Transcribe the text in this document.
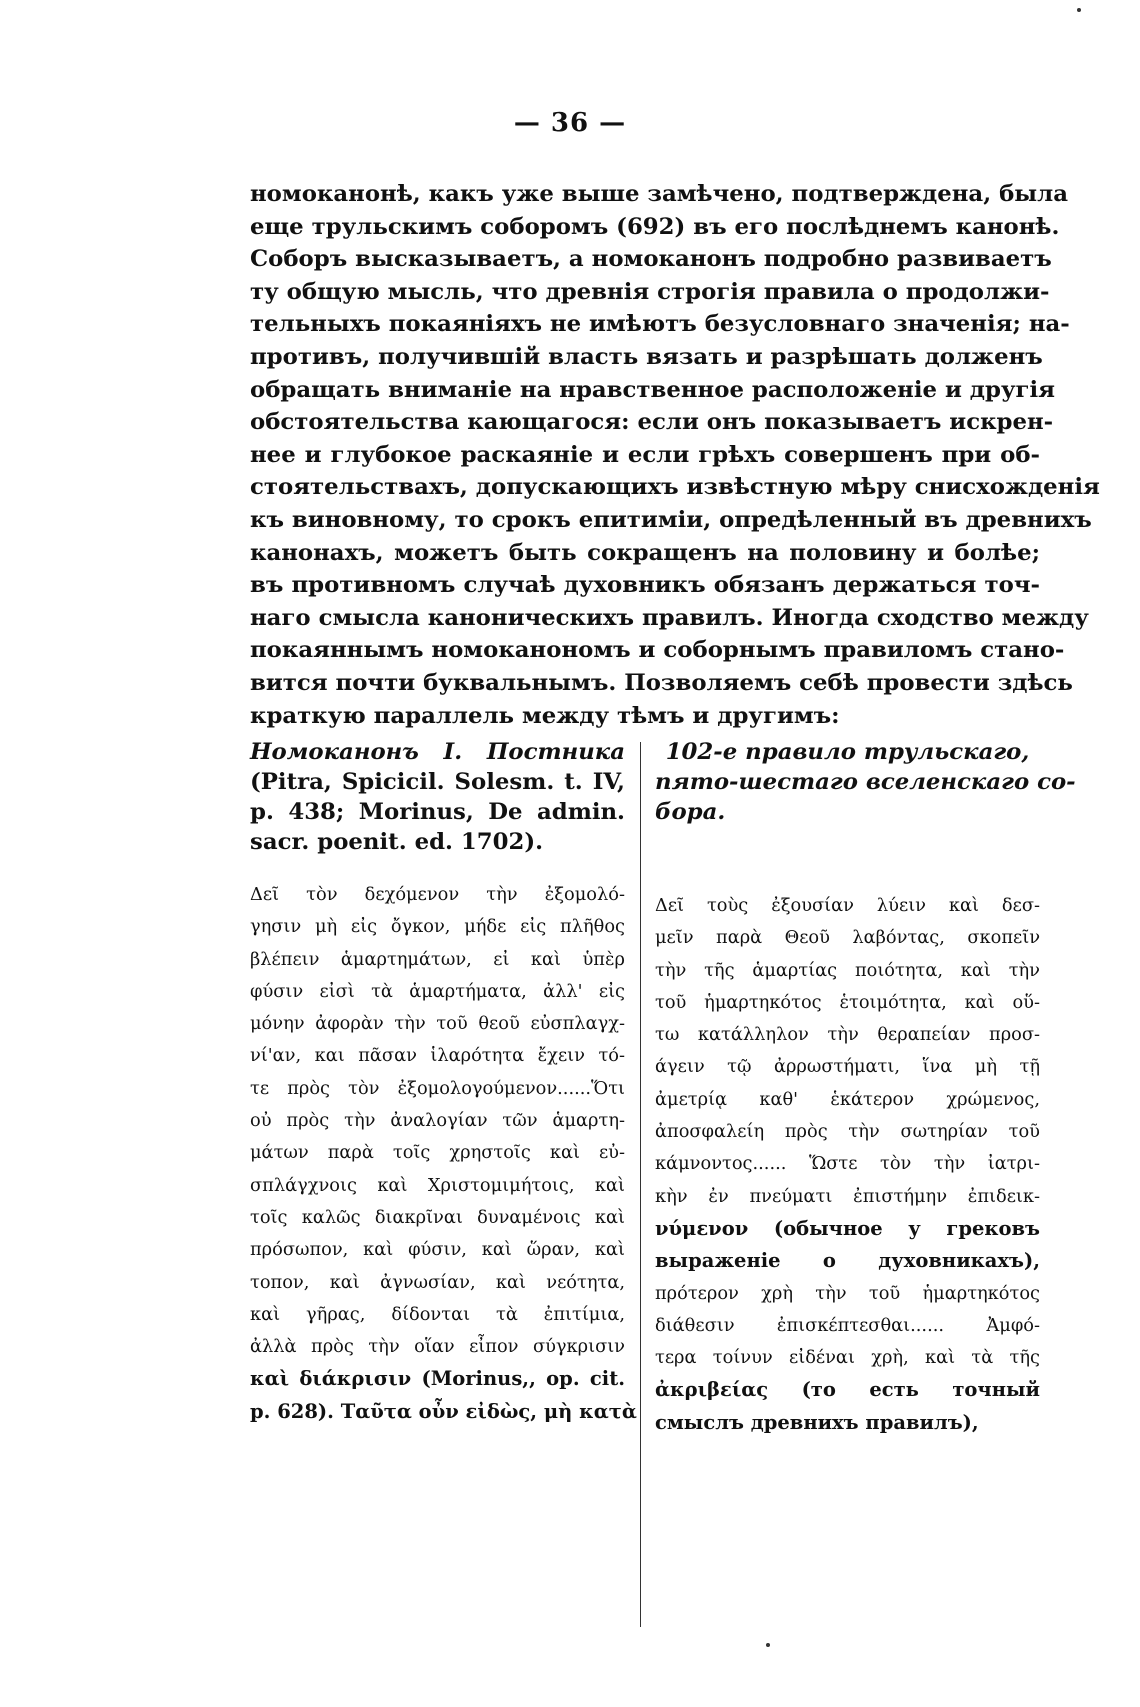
— 36 —
номоканонѣ, какъ уже выше замѣчено, подтверждена, была
еще трульскимъ соборомъ (692) въ его послѣднемъ канонѣ.
Соборъ высказываетъ, а номоканонъ подробно развиваетъ
ту общую мысль, что древнія строгія правила о продолжи-
тельныхъ покаяніяхъ не имѣютъ безусловнаго значенія; на-
противъ, получившій власть вязать и разрѣшать долженъ
обращать вниманіе на нравственное расположеніе и другія
обстоятельства кающагося: если онъ показываетъ искрен-
нее и глубокое раскаяніе и если грѣхъ совершенъ при об-
стоятельствахъ, допускающихъ извѣстную мѣру снисхожденія
къ виновному, то срокъ епитиміи, опредѣленный въ древнихъ
канонахъ, можетъ быть сокращенъ на половину и болѣе;
въ противномъ случаѣ духовникъ обязанъ держаться точ-
наго смысла каноническихъ правилъ. Иногда сходство между
покаяннымъ номоканономъ и соборнымъ правиломъ стано-
вится почти буквальнымъ. Позволяемъ себѣ провести здѣсь
краткую параллель между тѣмъ и другимъ:
Номоканонъ I. Постника
(Pitra, Spicicil. Solesm. t. IV,
p. 438; Morinus, De admin.
sacr. poenit. ed. 1702).
Δεῖ τὸν δεχόμενον τὴν ἐξομολό-
γησιν μὴ εἰς ὄγκον, μήδε εἰς πλῆθος
βλέπειν ἁμαρτημάτων, εἰ καὶ ὑπὲρ
φύσιν εἰσὶ τὰ ἁμαρτήματα, ἀλλ' εἰς
μόνην ἀφορὰν τὴν τοῦ θεοῦ εὐσπλαγχ-
νί'αν, και πᾶσαν ἱλαρότητα ἔχειν τό-
τε πρὸς τὸν ἐξομολογούμενον......Ὅτι
οὐ πρὸς τὴν ἀναλογίαν τῶν ἁμαρτη-
μάτων παρὰ τοῖς χρηστοῖς καὶ εὐ-
σπλάγχνοις καὶ Χριστομιμήτοις, καὶ
τοῖς καλῶς διακρῖναι δυναμένοις καὶ
πρόσωπον, καὶ φύσιν, καὶ ὥραν, καὶ
τοπον, καὶ ἀγνωσίαν, καὶ νεότητα,
καὶ γῆρας, δίδονται τὰ ἐπιτίμια,
ἀλλὰ πρὸς τὴν οἵαν εἶπον σύγκρισιν
καὶ διάκρισιν (Morinus,, op. cit.
p. 628). Ταῦτα οὖν εἰδὼς, μὴ κατὰ
102-е правило трульскаго,
пято-шестаго вселенскаго со-
бора.
Δεῖ τοὺς ἐξουσίαν λύειν καὶ δεσ-
μεῖν παρὰ Θεοῦ λαβόντας, σκοπεῖν
τὴν τῆς ἁμαρτίας ποιότητα, καὶ τὴν
τοῦ ἡμαρτηκότος ἑτοιμότητα, καὶ οὕ-
τω κατάλληλον τὴν θεραπείαν προσ-
άγειν τῷ ἀρρωστήματι, ἵνα μὴ τῇ
ἀμετρίᾳ καθ' ἑκάτερον χρώμενος,
ἀποσφαλείη πρὸς τὴν σωτηρίαν τοῦ
κάμνοντος...... Ὥστε τὸν τὴν ἰατρι-
κὴν ἐν πνεύματι ἐπιστήμην ἐπιδεικ-
νύμενον (обычное у грековъ
выраженіе о духовникахъ),
πρότερον χρὴ τὴν τοῦ ἡμαρτηκότος
διάθεσιν ἐπισκέπτεσθαι...... Ἀμφό-
τερα τοίνυν εἰδέναι χρὴ, καὶ τὰ τῆς
ἀκριβείας (то есть точный
смыслъ древнихъ правилъ),
